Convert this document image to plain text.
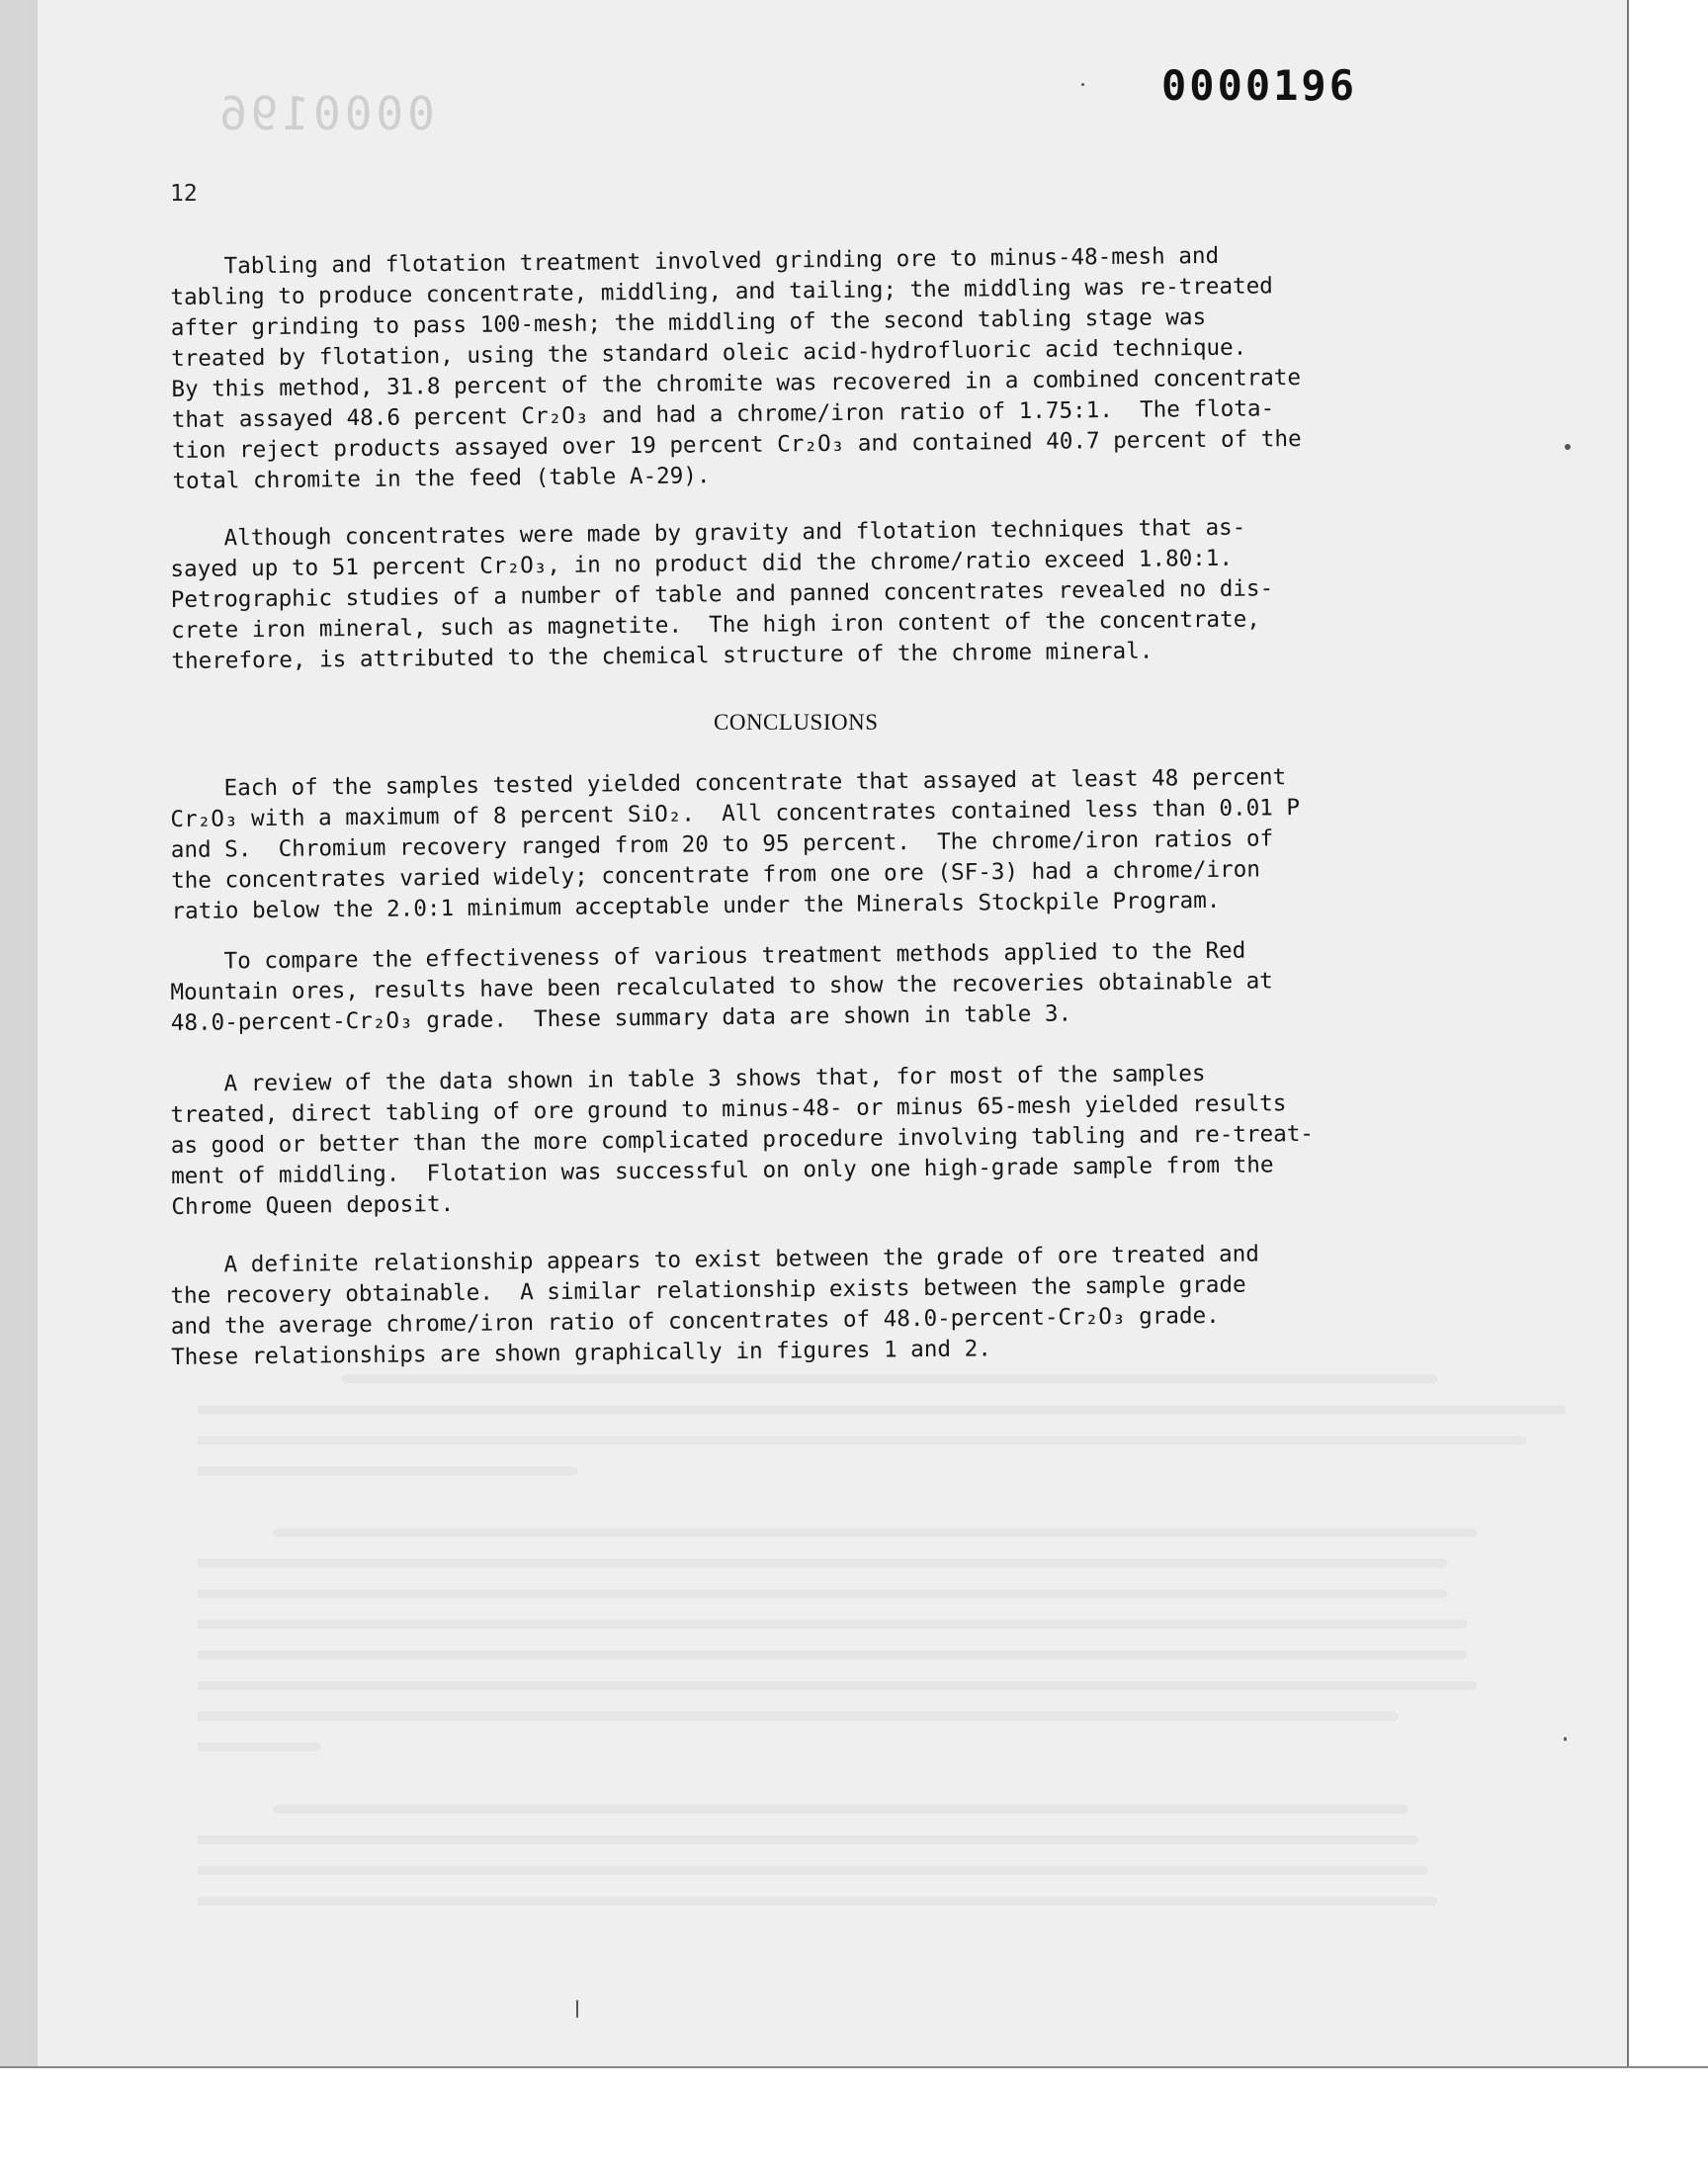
0000196
0000196
12
Tabling and flotation treatment involved grinding ore to minus-48-mesh and
tabling to produce concentrate, middling, and tailing; the middling was re-treated
after grinding to pass 100-mesh; the middling of the second tabling stage was
treated by flotation, using the standard oleic acid-hydrofluoric acid technique.
By this method, 31.8 percent of the chromite was recovered in a combined concentrate
that assayed 48.6 percent Cr₂O₃ and had a chrome/iron ratio of 1.75:1.  The flota-
tion reject products assayed over 19 percent Cr₂O₃ and contained 40.7 percent of the
total chromite in the feed (table A-29).
Although concentrates were made by gravity and flotation techniques that as-
sayed up to 51 percent Cr₂O₃, in no product did the chrome/ratio exceed 1.80:1.
Petrographic studies of a number of table and panned concentrates revealed no dis-
crete iron mineral, such as magnetite.  The high iron content of the concentrate,
therefore, is attributed to the chemical structure of the chrome mineral.
CONCLUSIONS
Each of the samples tested yielded concentrate that assayed at least 48 percent
Cr₂O₃ with a maximum of 8 percent SiO₂.  All concentrates contained less than 0.01 P
and S.  Chromium recovery ranged from 20 to 95 percent.  The chrome/iron ratios of
the concentrates varied widely; concentrate from one ore (SF-3) had a chrome/iron
ratio below the 2.0:1 minimum acceptable under the Minerals Stockpile Program.
To compare the effectiveness of various treatment methods applied to the Red
Mountain ores, results have been recalculated to show the recoveries obtainable at
48.0-percent-Cr₂O₃ grade.  These summary data are shown in table 3.
A review of the data shown in table 3 shows that, for most of the samples
treated, direct tabling of ore ground to minus-48- or minus 65-mesh yielded results
as good or better than the more complicated procedure involving tabling and re-treat-
ment of middling.  Flotation was successful on only one high-grade sample from the
Chrome Queen deposit.
A definite relationship appears to exist between the grade of ore treated and
the recovery obtainable.  A similar relationship exists between the sample grade
and the average chrome/iron ratio of concentrates of 48.0-percent-Cr₂O₃ grade.
These relationships are shown graphically in figures 1 and 2.
